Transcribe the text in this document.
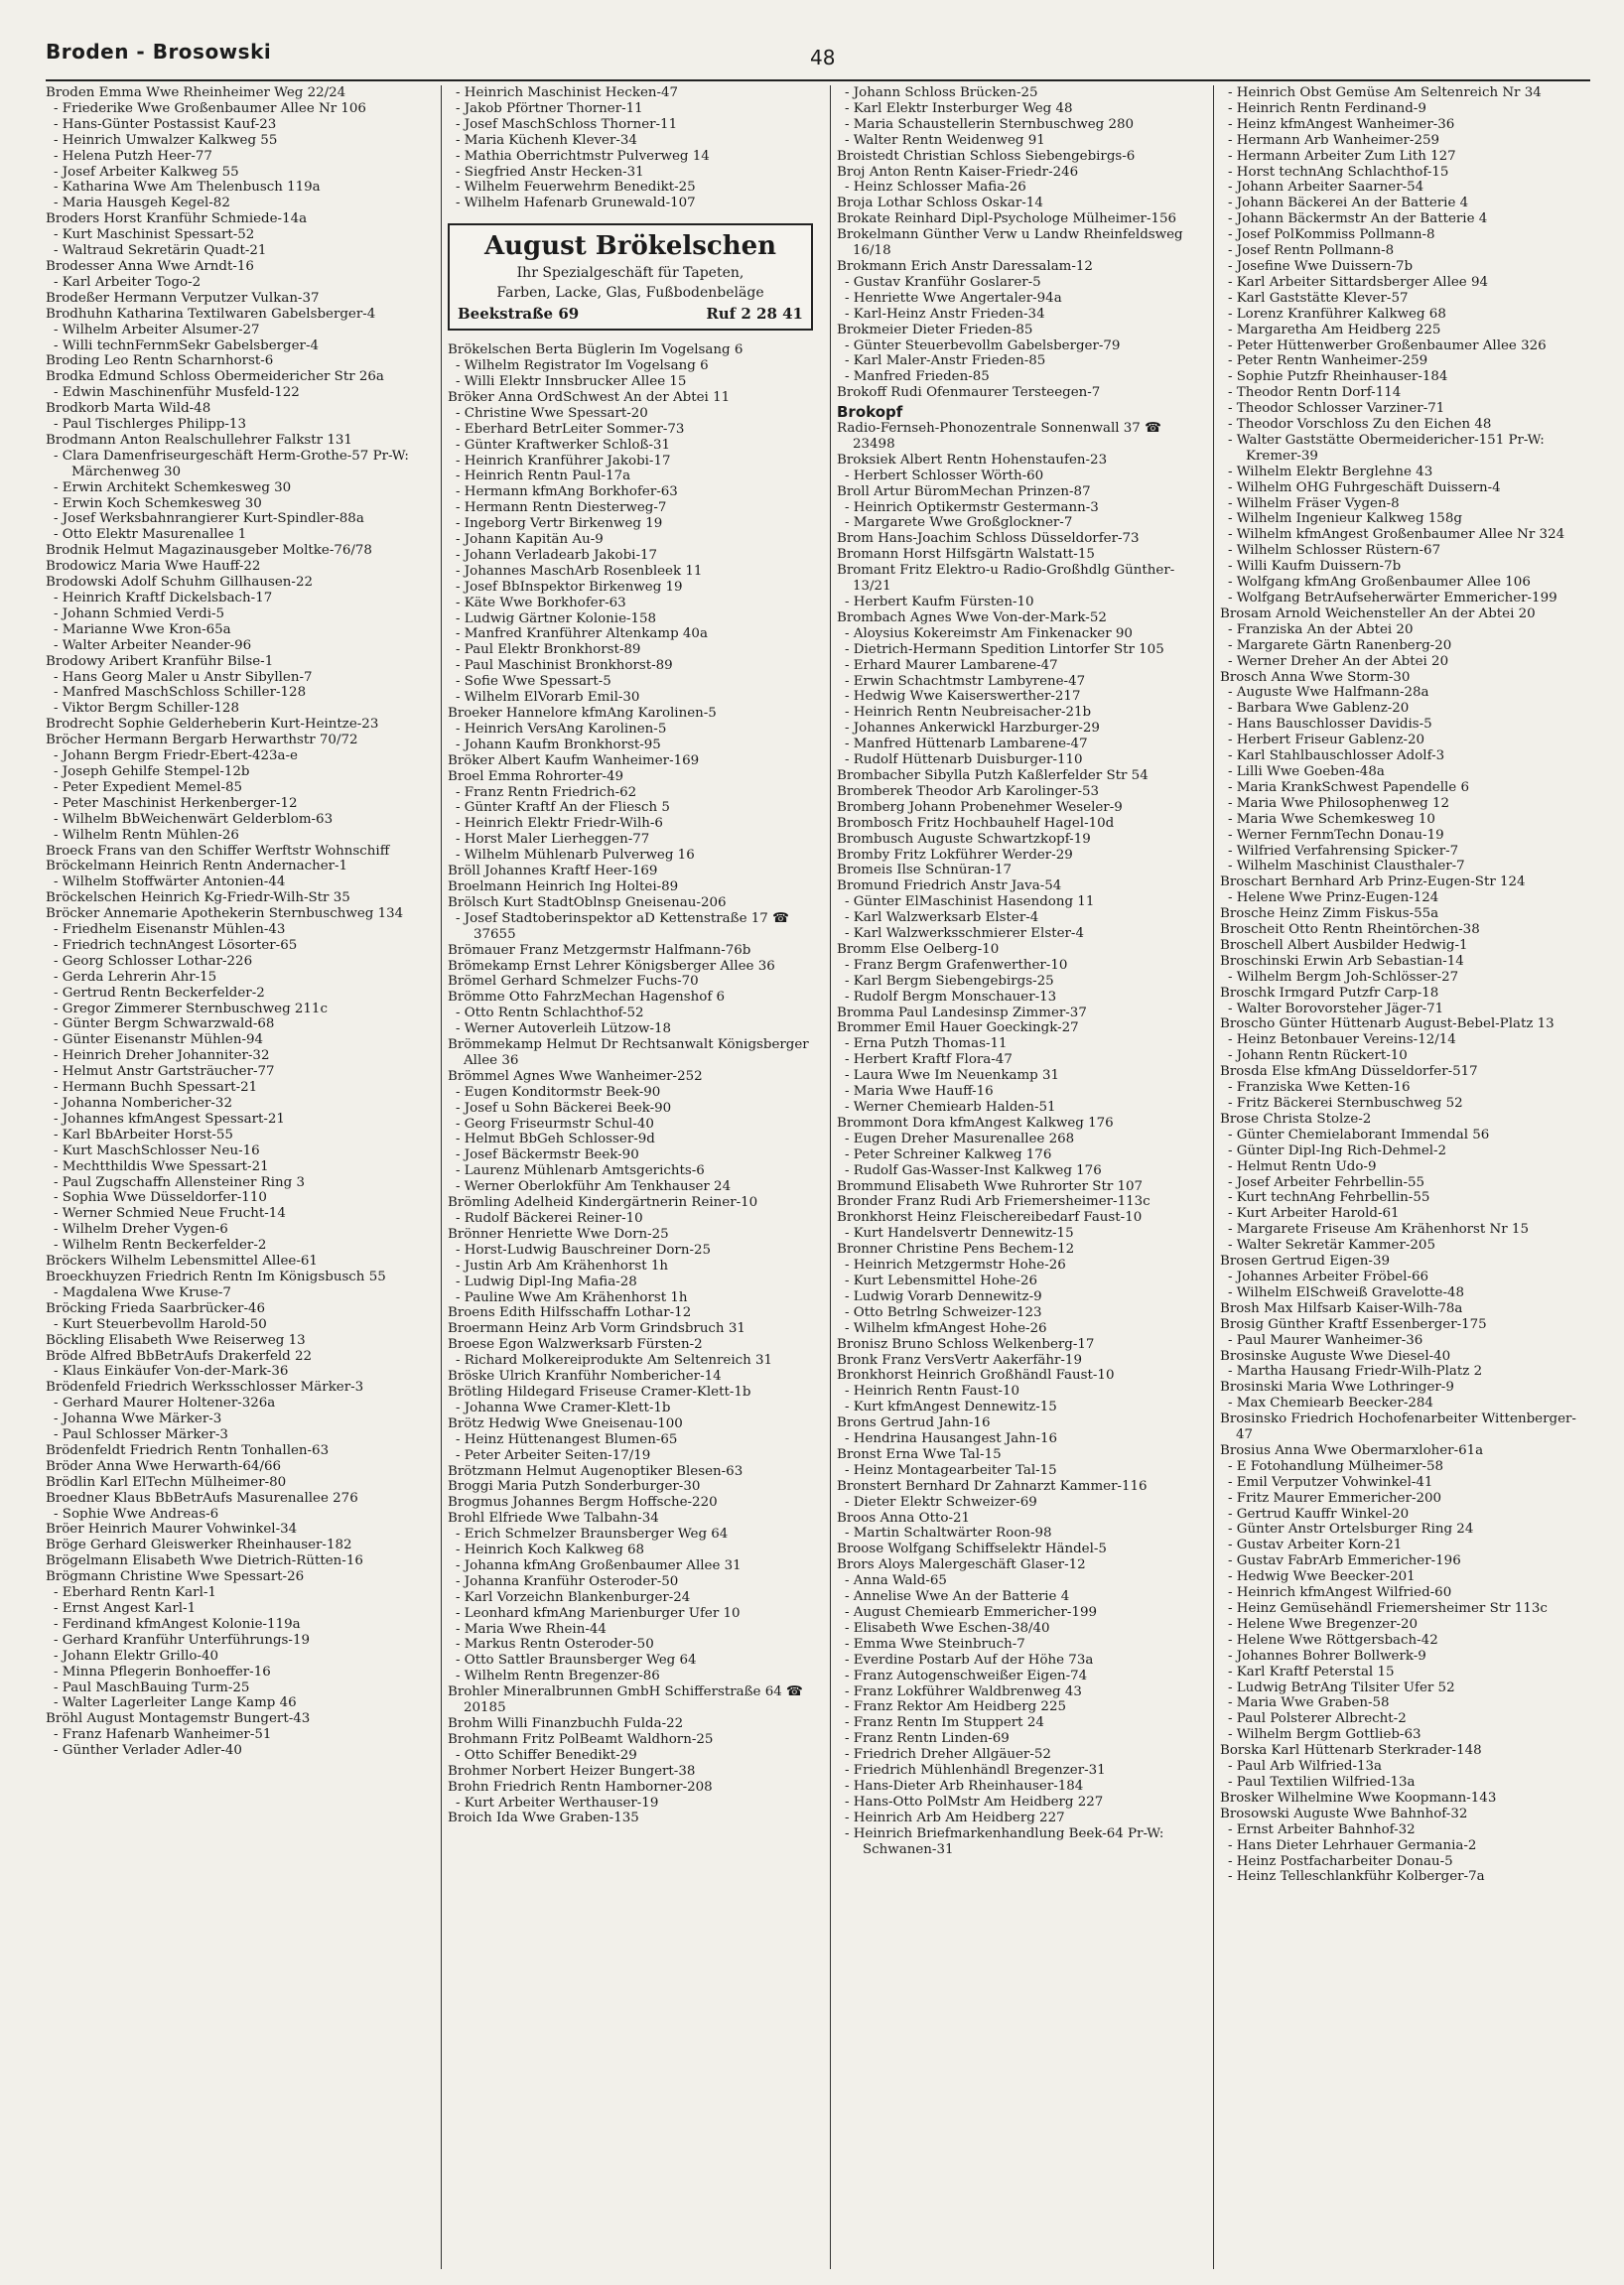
Broden - Brosowski	48
Broden Emma Wwe Rheinheimer Weg 22/24
- Friederike Wwe Großenbaumer Allee Nr 106
- Hans-Günter Postassist Kauf-23
- Heinrich Umwalzer Kalkweg 55
- Helena Putzh Heer-77
- Josef Arbeiter Kalkweg 55
- Katharina Wwe Am Thelenbusch 119a
- Maria Hausgeh Kegel-82
Broders Horst Kranführ Schmiede-14a
- Kurt Maschinist Spessart-52
- Waltraud Sekretärin Quadt-21
Brodesser Anna Wwe Arndt-16
- Karl Arbeiter Togo-2
Brodeßer Hermann Verputzer Vulkan-37
Brodhuhn Katharina Textilwaren Gabelsberger-4
- Wilhelm Arbeiter Alsumer-27
- Willi technFernmSekr Gabelsberger-4
Broding Leo Rentn Scharnhorst-6
Brodka Edmund Schloss Obermeidericher Str 26a
- Edwin Maschinenführ Musfeld-122
Brodkorb Marta Wild-48
- Paul Tischlerges Philipp-13
Brodmann Anton Realschullehrer Falkstr 131
- Clara Damenfriseurgeschäft Herm-Grothe-57 Pr-W: Märchenweg 30
- Erwin Architekt Schemkesweg 30
- Erwin Koch Schemkesweg 30
- Josef Werksbahnrangierer Kurt-Spindler-88a
- Otto Elektr Masurenallee 1
Brodnik Helmut Magazinausgeber Moltke-76/78
Brodowicz Maria Wwe Hauff-22
Brodowski Adolf Schuhm Gillhausen-22
- Heinrich Kraftf Dickelsbach-17
- Johann Schmied Verdi-5
- Marianne Wwe Kron-65a
- Walter Arbeiter Neander-96
Brodowy Aribert Kranführ Bilse-1
- Hans Georg Maler u Anstr Sibyllen-7
- Manfred MaschSchloss Schiller-128
- Viktor Bergm Schiller-128
Brodrecht Sophie Gelderheberin Kurt-Heintze-23
Bröcher Hermann Bergarb Herwarthstr 70/72
- Johann Bergm Friedr-Ebert-423a-e
- Joseph Gehilfe Stempel-12b
- Peter Expedient Memel-85
- Peter Maschinist Herkenberger-12
- Wilhelm BbWeichenwärt Gelderblom-63
- Wilhelm Rentn Mühlen-26
Broeck Frans van den Schiffer Werftstr Wohnschiff
Bröckelmann Heinrich Rentn Andernacher-1
- Wilhelm Stoffwärter Antonien-44
Bröckelschen Heinrich Kg-Friedr-Wilh-Str 35
Bröcker Annemarie Apothekerin Sternbuschweg 134
- Friedhelm Eisenanstr Mühlen-43
- Friedrich technAngest Lösorter-65
- Georg Schlosser Lothar-226
- Gerda Lehrerin Ahr-15
- Gertrud Rentn Beckerfelder-2
- Gregor Zimmerer Sternbuschweg 211c
- Günter Bergm Schwarzwald-68
- Günter Eisenanstr Mühlen-94
- Heinrich Dreher Johanniter-32
- Helmut Anstr Gartsträucher-77
- Hermann Buchh Spessart-21
- Johanna Nomberichеr-32
- Johannes kfmAngest Spessart-21
- Karl BbArbeiter Horst-55
- Kurt MaschSchlosser Neu-16
- Mechtthildis Wwe Spessart-21
- Paul Zugschaffn Allensteiner Ring 3
- Sophia Wwe Düsseldorfer-110
- Werner Schmied Neue Frucht-14
- Wilhelm Dreher Vygen-6
- Wilhelm Rentn Beckerfelder-2
Bröckers Wilhelm Lebensmittel Allee-61
Broeckhuyzen Friedrich Rentn Im Königsbusch 55
- Magdalena Wwe Kruse-7
Bröcking Frieda Saarbrücker-46
- Kurt Steuerbevollm Harold-50
Böckling Elisabeth Wwe Reiserweg 13
Bröde Alfred BbBetrAufs Drakerfeld 22
- Klaus Einkäufer Von-der-Mark-36
Brödenfeld Friedrich Werksschlosser Märker-3
- Gerhard Maurer Holtener-326a
- Johanna Wwe Märker-3
- Paul Schlosser Märker-3
Brödenfeldt Friedrich Rentn Tonhallen-63
Bröder Anna Wwe Herwarth-64/66
Brödlin Karl ElTechn Mülheimer-80
Broedner Klaus BbBetrAufs Masurenallee 276
- Sophie Wwe Andreas-6
Bröer Heinrich Maurer Vohwinkel-34
Bröge Gerhard Gleiswerker Rheinhauser-182
Brögelmann Elisabeth Wwe Dietrich-Rütten-16
Brögmann Christine Wwe Spessart-26
- Eberhard Rentn Karl-1
- Ernst Angest Karl-1
- Ferdinand kfmAngest Kolonie-119a
- Gerhard Kranführ Unterführungs-19
- Johann Elektr Grillo-40
- Minna Pflegerin Bonhoeffer-16
- Paul MaschBauing Turm-25
- Walter Lagerleiter Lange Kamp 46
Bröhl August Montagemstr Bungert-43
- Franz Hafenarb Wanheimer-51
- Günther Verlader Adler-40
- Heinrich Maschinist Hecken-47
- Jakob Pförtner Thorner-11
- Josef MaschSchloss Thorner-11
- Maria Küchenh Klever-34
- Mathia Oberrichtmstr Pulverweg 14
- Siegfried Anstr Hecken-31
- Wilhelm Feuerwehrm Benedikt-25
- Wilhelm Hafenarb Grunewald-107
August Brökelschen
Ihr Spezialgeschäft für Tapeten,
Farben, Lacke, Glas, Fußbodenbeläge
Beekstraße 69	Ruf 2 28 41
Brökelschen Berta Büglerin Im Vogelsang 6
- Wilhelm Registrator Im Vogelsang 6
- Willi Elektr Innsbrucker Allee 15
Bröker Anna OrdSchwest An der Abtei 11
- Christine Wwe Spessart-20
- Eberhard BetrLeiter Sommer-73
- Günter Kraftwerker Schloß-31
- Heinrich Kranführer Jakobi-17
- Heinrich Rentn Paul-17a
- Hermann kfmAng Borkhofer-63
- Hermann Rentn Diesterweg-7
- Ingeborg Vertr Birkenweg 19
- Johann Kapitän Au-9
- Johann Verladearb Jakobi-17
- Johannes MaschArb Rosenbleek 11
- Josef BbInspektor Birkenweg 19
- Käte Wwe Borkhofer-63
- Ludwig Gärtner Kolonie-158
- Manfred Kranführer Altenkamp 40a
- Paul Elektr Bronkhorst-89
- Paul Maschinist Bronkhorst-89
- Sofie Wwe Spessart-5
- Wilhelm ElVorarb Emil-30
Broeker Hannelore kfmAng Karolinen-5
- Heinrich VersAng Karolinen-5
- Johann Kaufm Bronkhorst-95
Bröker Albert Kaufm Wanheimer-169
Broel Emma Rohrorter-49
- Franz Rentn Friedrich-62
- Günter Kraftf An der Fliesch 5
- Heinrich Elektr Friedr-Wilh-6
- Horst Maler Lierheggen-77
- Wilhelm Mühlenarb Pulverweg 16
Bröll Johannes Kraftf Heer-169
Broelmann Heinrich Ing Holtei-89
Brölsch Kurt StadtOblnsp Gneisenau-206
- Josef Stadtoberinspektor aD Kettenstraße 17 ☎ 37655
Brömauer Franz Metzgermstr Halfmann-76b
Brömekamp Ernst Lehrer Königsberger Allee 36
Brömel Gerhard Schmelzer Fuchs-70
Brömme Otto FahrzMechan Hagenshof 6
- Otto Rentn Schlachthof-52
- Werner Autoverleih Lützow-18
Brömmekamp Helmut Dr Rechtsanwalt Königsberger Allee 36
Brömmel Agnes Wwe Wanheimer-252
- Eugen Konditormstr Beek-90
- Josef u Sohn Bäckerei Beek-90
- Georg Friseurmstr Schul-40
- Helmut BbGeh Schlosser-9d
- Josef Bäckermstr Beek-90
- Laurenz Mühlenarb Amtsgerichts-6
- Werner Oberlokführ Am Tenkhauser 24
Brömling Adelheid Kindergärtnerin Reiner-10
- Rudolf Bäckerei Reiner-10
Brönner Henriette Wwe Dorn-25
- Horst-Ludwig Bauschreiner Dorn-25
- Justin Arb Am Krähenhorst 1h
- Ludwig Dipl-Ing Mafia-28
- Pauline Wwe Am Krähenhorst 1h
Broens Edith Hilfsschaffn Lothar-12
Broermann Heinz Arb Vorm Grindsbruch 31
Broese Egon Walzwerksarb Fürsten-2
- Richard Molkereiprodukte Am Seltenreich 31
Bröske Ulrich Kranführ Nomberichеr-14
Brötling Hildegard Friseuse Cramer-Klett-1b
- Johanna Wwe Cramer-Klett-1b
Brötz Hedwig Wwe Gneisenau-100
- Heinz Hüttenangest Blumen-65
- Peter Arbeiter Seiten-17/19
Brötzmann Helmut Augenoptiker Blesen-63
Broggi Maria Putzh Sonderburger-30
Brogmus Johannes Bergm Hoffsche-220
Brohl Elfriede Wwe Talbahn-34
- Erich Schmelzer Braunsberger Weg 64
- Heinrich Koch Kalkweg 68
- Johanna kfmAng Großenbaumer Allee 31
- Johanna Kranführ Osteroder-50
- Karl Vorzeichn Blankenburger-24
- Leonhard kfmAng Marienburger Ufer 10
- Maria Wwe Rhein-44
- Markus Rentn Osteroder-50
- Otto Sattler Braunsberger Weg 64
- Wilhelm Rentn Bregenzer-86
Brohler Mineralbrunnen GmbH Schifferstraße 64 ☎ 20185
Brohm Willi Finanzbuchh Fulda-22
Brohmann Fritz PolBeamt Waldhorn-25
- Otto Schiffer Benedikt-29
Brohmer Norbert Heizer Bungert-38
Brohn Friedrich Rentn Hamborner-208
- Kurt Arbeiter Werthauser-19
Broich Ida Wwe Graben-135
- Johann Schloss Brücken-25
- Karl Elektr Insterburger Weg 48
- Maria Schaustellerin Sternbuschweg 280
- Walter Rentn Weidenweg 91
Broistedt Christian Schloss Siebengebirgs-6
Broj Anton Rentn Kaiser-Friedr-246
- Heinz Schlosser Mafia-26
Broja Lothar Schloss Oskar-14
Brokate Reinhard Dipl-Psychologe Mülheimer-156
Brokelmann Günther Verw u Landw Rheinfeldsweg 16/18
Brokmann Erich Anstr Daressalam-12
- Gustav Kranführ Goslarer-5
- Henriette Wwe Angertaler-94a
- Karl-Heinz Anstr Frieden-34
Brokmeier Dieter Frieden-85
- Günter Steuerbevollm Gabelsberger-79
- Karl Maler-Anstr Frieden-85
- Manfred Frieden-85
Brokoff Rudi Ofenmaurer Tersteegen-7
Brokopf
Radio-Fernseh-Phonozentrale Sonnenwall 37 ☎ 23498
Broksiek Albert Rentn Hohenstaufen-23
- Herbert Schlosser Wörth-60
Broll Artur BüromMechan Prinzen-87
- Heinrich Optikermstr Gestermann-3
- Margarete Wwe Großglockner-7
Brom Hans-Joachim Schloss Düsseldorfer-73
Bromann Horst Hilfsgärtn Walstatt-15
Bromant Fritz Elektro-u Radio-Großhdlg Günther-13/21
- Herbert Kaufm Fürsten-10
Brombach Agnes Wwe Von-der-Mark-52
- Aloysius Kokereimstr Am Finkenacker 90
- Dietrich-Hermann Spedition Lintorfer Str 105
- Erhard Maurer Lambarene-47
- Erwin Schachtmstr Lambyrene-47
- Hedwig Wwe Kaiserswerther-217
- Heinrich Rentn Neubreisacher-21b
- Johannes Ankerwickl Harzburger-29
- Manfred Hüttenarb Lambarene-47
- Rudolf Hüttenarb Duisburger-110
Brombacher Sibylla Putzh Kaßlerfelder Str 54
Bromberek Theodor Arb Karolinger-53
Bromberg Johann Probenehmer Weseler-9
Brombosch Fritz Hochbauhelf Hagel-10d
Brombusch Auguste Schwartzkopf-19
Bromby Fritz Lokführer Werder-29
Bromeis Ilse Schnüran-17
Bromund Friedrich Anstr Java-54
- Günter ElMaschinist Hasendong 11
- Karl Walzwerksarb Elster-4
- Karl Walzwerksschmierer Elster-4
Bromm Else Oelberg-10
- Franz Bergm Grafenwerther-10
- Karl Bergm Siebengebirgs-25
- Rudolf Bergm Monschauer-13
Bromma Paul Landesinsp Zimmer-37
Brommer Emil Hauer Goeckingk-27
- Erna Putzh Thomas-11
- Herbert Kraftf Flora-47
- Laura Wwe Im Neuenkamp 31
- Maria Wwe Hauff-16
- Werner Chemiearb Halden-51
Brommont Dora kfmAngest Kalkweg 176
- Eugen Dreher Masurenallee 268
- Peter Schreiner Kalkweg 176
- Rudolf Gas-Wasser-Inst Kalkweg 176
Brommund Elisabeth Wwe Ruhrorter Str 107
Bronder Franz Rudi Arb Friemersheimer-113c
Bronkhorst Heinz Fleischereibedarf Faust-10
- Kurt Handelsvertr Dennewitz-15
Bronner Christine Pens Bechem-12
- Heinrich Metzgermstr Hohe-26
- Kurt Lebensmittel Hohe-26
- Ludwig Vorarb Dennewitz-9
- Otto Betrlng Schweizer-123
- Wilhelm kfmAngest Hohe-26
Bronisz Bruno Schloss Welkenberg-17
Bronk Franz VersVertr Aakerfähr-19
Bronkhorst Heinrich Großhändl Faust-10
- Heinrich Rentn Faust-10
- Kurt kfmAngest Dennewitz-15
Brons Gertrud Jahn-16
- Hendrina Hausangest Jahn-16
Bronst Erna Wwe Tal-15
- Heinz Montagearbeiter Tal-15
Bronstert Bernhard Dr Zahnarzt Kammer-116
- Dieter Elektr Schweizer-69
Broos Anna Otto-21
- Martin Schaltwärter Roon-98
Broose Wolfgang Schiffselektr Händel-5
Brors Aloys Malergeschäft Glaser-12
- Anna Wald-65
- Annelise Wwe An der Batterie 4
- August Chemiearb Emmericher-199
- Elisabeth Wwe Eschen-38/40
- Emma Wwe Steinbruch-7
- Everdine Postarb Auf der Höhe 73a
- Franz Autogenschweißer Eigen-74
- Franz Lokführer Waldbrenweg 43
- Franz Rektor Am Heidberg 225
- Franz Rentn Im Stuppert 24
- Franz Rentn Linden-69
- Friedrich Dreher Allgäuer-52
- Friedrich Mühlenhändl Bregenzer-31
- Hans-Dieter Arb Rheinhauser-184
- Hans-Otto PolMstr Am Heidberg 227
- Heinrich Arb Am Heidberg 227
- Heinrich Briefmarkenhandlung Beek-64 Pr-W: Schwanen-31
- Heinrich Obst Gemüse Am Seltenreich Nr 34
- Heinrich Rentn Ferdinand-9
- Heinz kfmAngest Wanheimer-36
- Hermann Arb Wanheimer-259
- Hermann Arbeiter Zum Lith 127
- Horst technAng Schlachthof-15
- Johann Arbeiter Saarner-54
- Johann Bäckerei An der Batterie 4
- Johann Bäckermstr An der Batterie 4
- Josef PolKommiss Pollmann-8
- Josef Rentn Pollmann-8
- Josefine Wwe Duissern-7b
- Karl Arbeiter Sittardsberger Allee 94
- Karl Gaststätte Klever-57
- Lorenz Kranführer Kalkweg 68
- Margaretha Am Heidberg 225
- Peter Hüttenwerber Großenbaumer Allee 326
- Peter Rentn Wanheimer-259
- Sophie Putzfr Rheinhauser-184
- Theodor Rentn Dorf-114
- Theodor Schlosser Varziner-71
- Theodor Vorschloss Zu den Eichen 48
- Walter Gaststätte Obermeidericher-151 Pr-W: Kremer-39
- Wilhelm Elektr Berglehne 43
- Wilhelm OHG Fuhrgeschäft Duissern-4
- Wilhelm Fräser Vygen-8
- Wilhelm Ingenieur Kalkweg 158g
- Wilhelm kfmAngest Großenbaumer Allee Nr 324
- Wilhelm Schlosser Rüstern-67
- Willi Kaufm Duissern-7b
- Wolfgang kfmAng Großenbaumer Allee 106
- Wolfgang BetrAufseherwärter Emmericher-199
Brosam Arnold Weichensteller An der Abtei 20
- Franziska An der Abtei 20
- Margarete Gärtn Ranenberg-20
- Werner Dreher An der Abtei 20
Brosch Anna Wwe Storm-30
- Auguste Wwe Halfmann-28a
- Barbara Wwe Gablenz-20
- Hans Bauschlosser Davidis-5
- Herbert Friseur Gablenz-20
- Karl Stahlbauschlosser Adolf-3
- Lilli Wwe Goeben-48a
- Maria KrankSchwest Papendelle 6
- Maria Wwe Philosophenweg 12
- Maria Wwe Schemkesweg 10
- Werner FernmTechn Donau-19
- Wilfried Verfahrensing Spicker-7
- Wilhelm Maschinist Clausthaler-7
Broschart Bernhard Arb Prinz-Eugen-Str 124
- Helene Wwe Prinz-Eugen-124
Brosche Heinz Zimm Fiskus-55a
Broscheit Otto Rentn Rheintörchen-38
Broschell Albert Ausbilder Hedwig-1
Broschinski Erwin Arb Sebastian-14
- Wilhelm Bergm Joh-Schlösser-27
Broschk Irmgard Putzfr Carp-18
- Walter Borovorsteher Jäger-71
Broscho Günter Hüttenarb August-Bebel-Platz 13
- Heinz Betonbauer Vereins-12/14
- Johann Rentn Rückert-10
Brosda Else kfmAng Düsseldorfer-517
- Franziska Wwe Ketten-16
- Fritz Bäckerei Sternbuschweg 52
Brose Christa Stolze-2
- Günter Chemielaborant Immendal 56
- Günter Dipl-Ing Rich-Dehmel-2
- Helmut Rentn Udo-9
- Josef Arbeiter Fehrbellin-55
- Kurt technAng Fehrbellin-55
- Kurt Arbeiter Harold-61
- Margarete Friseuse Am Krähenhorst Nr 15
- Walter Sekretär Kammer-205
Brosen Gertrud Eigen-39
- Johannes Arbeiter Fröbel-66
- Wilhelm ElSchweiß Gravelotte-48
Brosh Max Hilfsarb Kaiser-Wilh-78a
Brosig Günther Kraftf Essenberger-175
- Paul Maurer Wanheimer-36
Brosinske Auguste Wwe Diesel-40
- Martha Hausang Friedr-Wilh-Platz 2
Brosinski Maria Wwe Lothringer-9
- Max Chemiearb Beecker-284
Brosinsko Friedrich Hochofenarbeiter Wittenberger-47
Brosius Anna Wwe Obermarxloher-61a
- E Fotohandlung Mülheimer-58
- Emil Verputzer Vohwinkel-41
- Fritz Maurer Emmericher-200
- Gertrud Kauffr Winkel-20
- Günter Anstr Ortelsburger Ring 24
- Gustav Arbeiter Korn-21
- Gustav FabrArb Emmericher-196
- Hedwig Wwe Beecker-201
- Heinrich kfmAngest Wilfried-60
- Heinz Gemüsehändl Friemersheimer Str 113c
- Helene Wwe Bregenzer-20
- Helene Wwe Röttgersbach-42
- Johannes Bohrer Bollwerk-9
- Karl Kraftf Peterstal 15
- Ludwig BetrAng Tilsiter Ufer 52
- Maria Wwe Graben-58
- Paul Polsterer Albrecht-2
- Wilhelm Bergm Gottlieb-63
Borska Karl Hüttenarb Sterkrader-148
- Paul Arb Wilfried-13a
- Paul Textilien Wilfried-13a
Brosker Wilhelmine Wwe Koopmann-143
Brosowski Auguste Wwe Bahnhof-32
- Ernst Arbeiter Bahnhof-32
- Hans Dieter Lehrhauer Germania-2
- Heinz Postfacharbeiter Donau-5
- Heinz Telleschlankführ Kolberger-7a
